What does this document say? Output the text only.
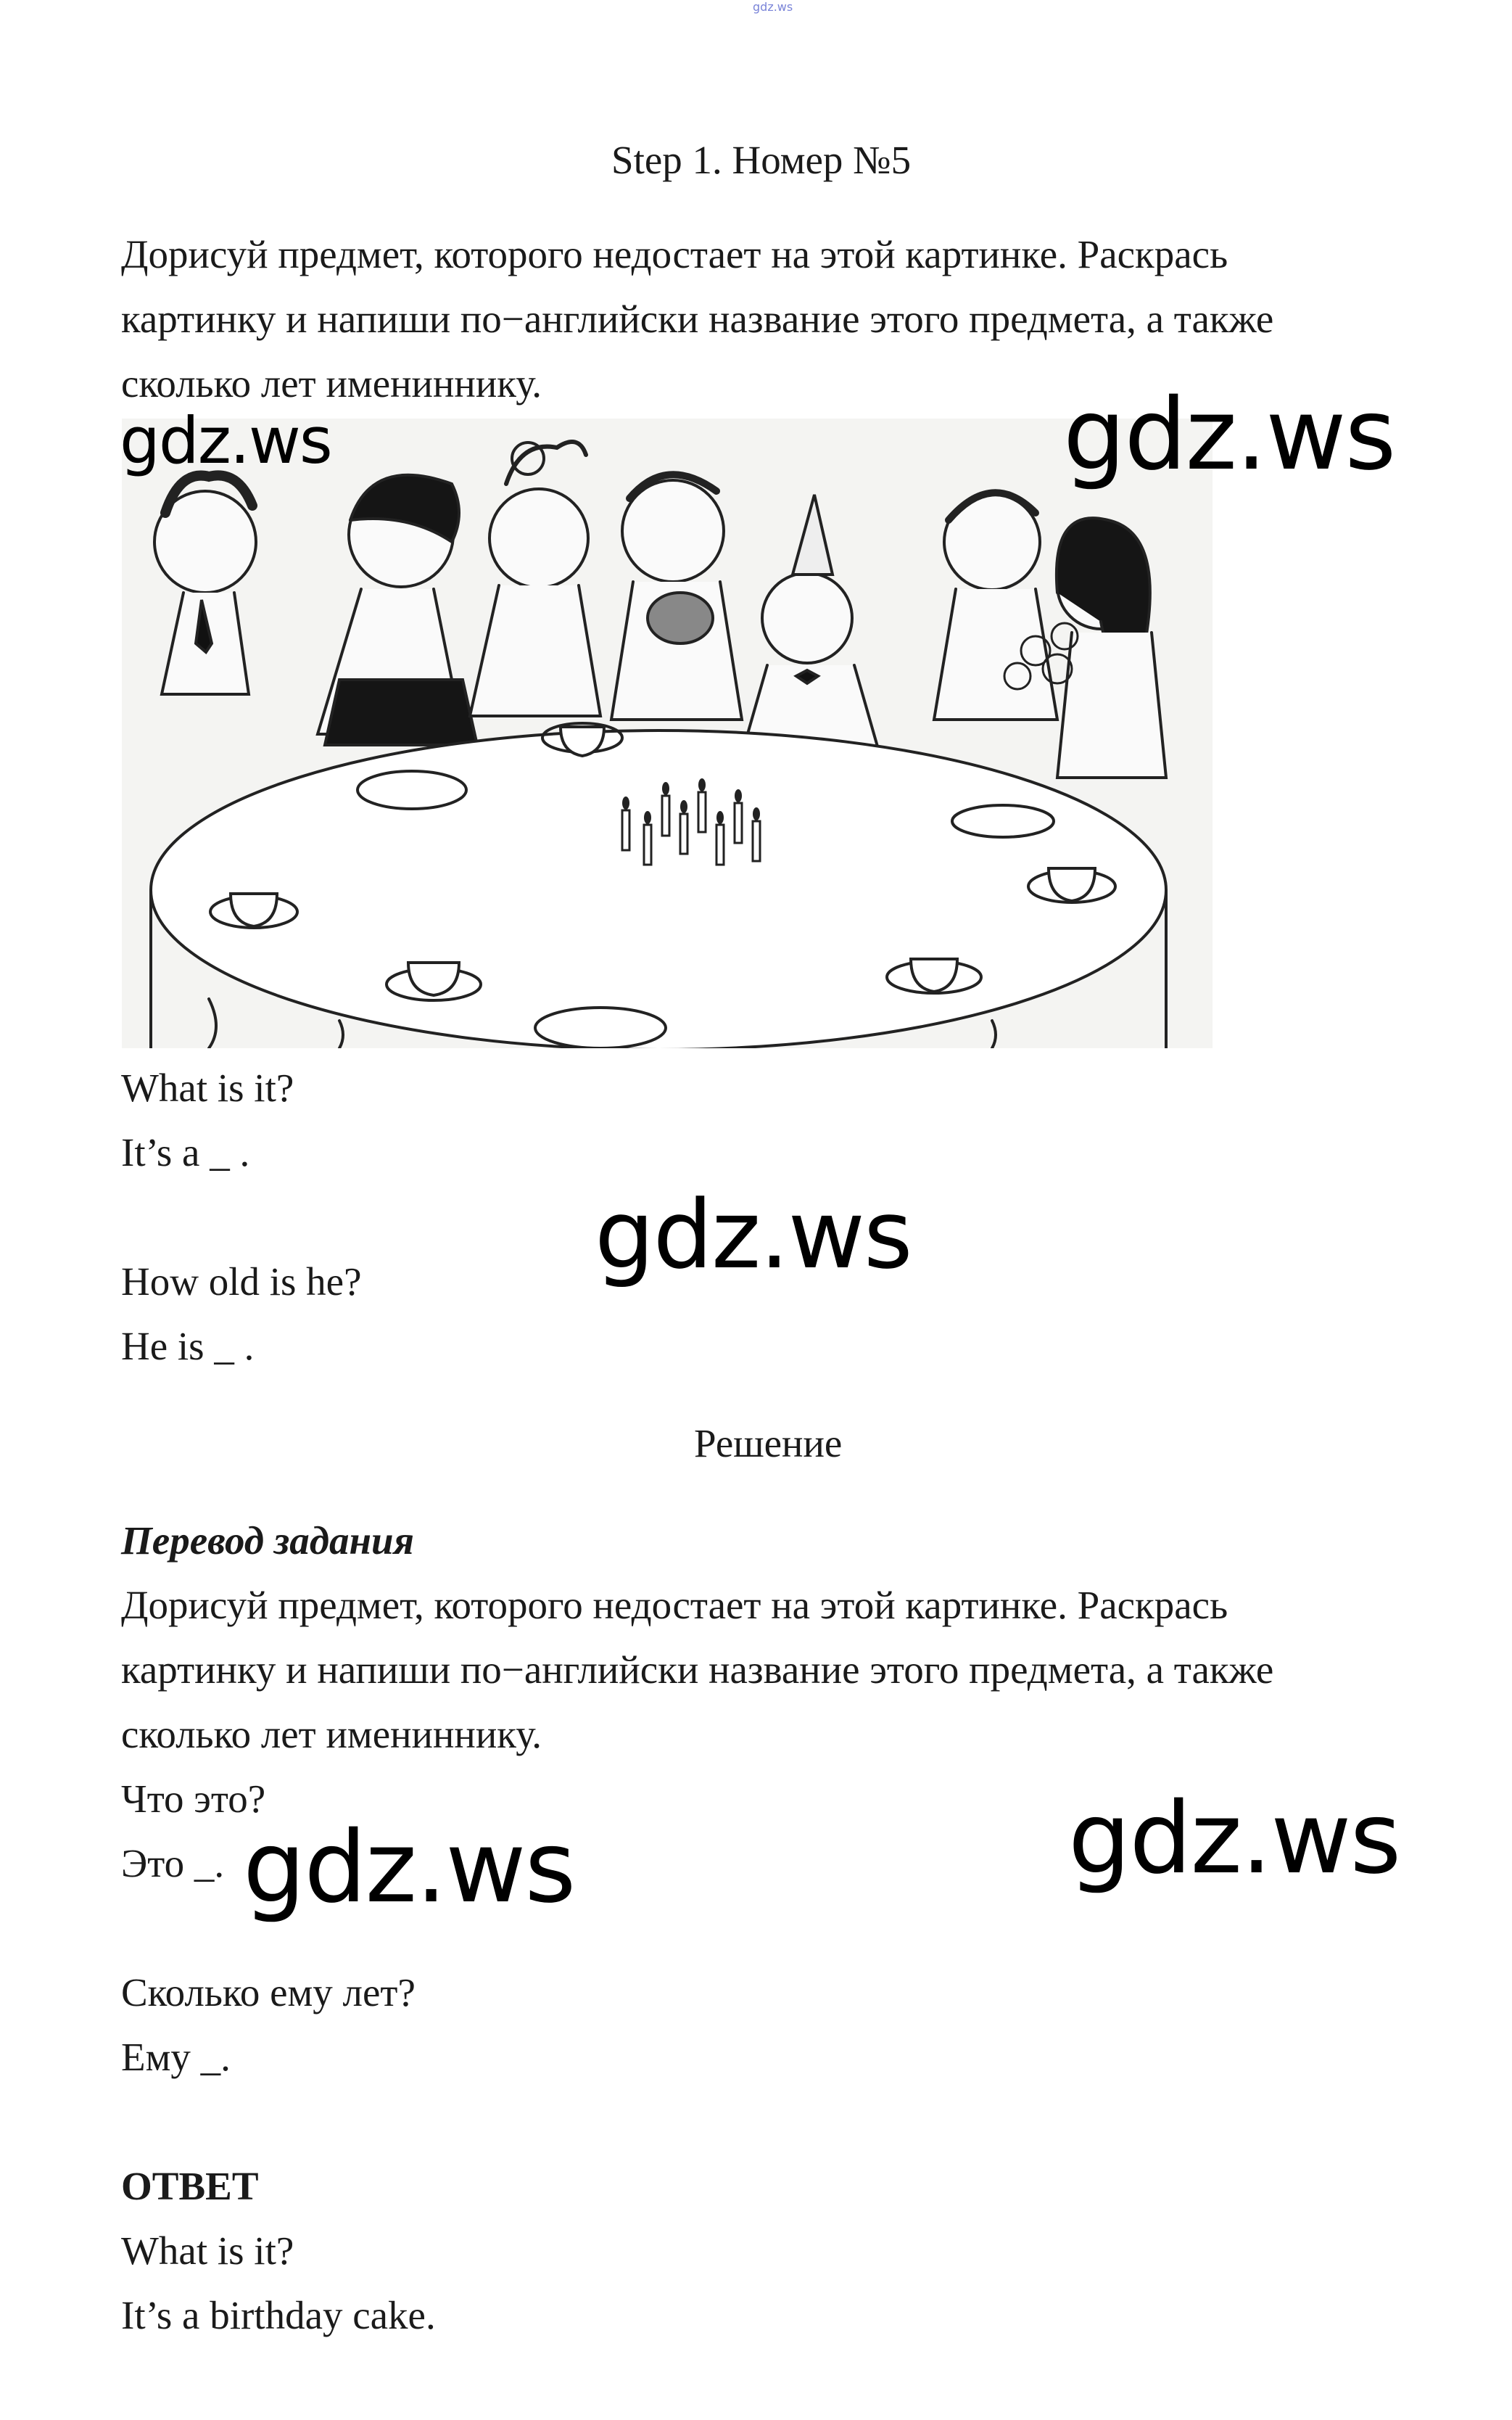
gdz.ws
Step 1. Номер №5
Дорисуй предмет, которого недостает на этой картинке. Раскрась
картинку и напиши по−английски название этого предмета, а также
сколько лет имениннику.
gdz.ws	gdz.ws
gdz.ws
gdz.ws
gdz.ws
What is it?
It’s a _ .
How old is he?
He is _ .
Решение
Перевод задания
Дорисуй предмет, которого недостает на этой картинке. Раскрась
картинку и напиши по−английски название этого предмета, а также
сколько лет имениннику.
Что это?
Это _.
Сколько ему лет?
Ему _.
ОТВЕТ
What is it?
It’s a birthday cake.
